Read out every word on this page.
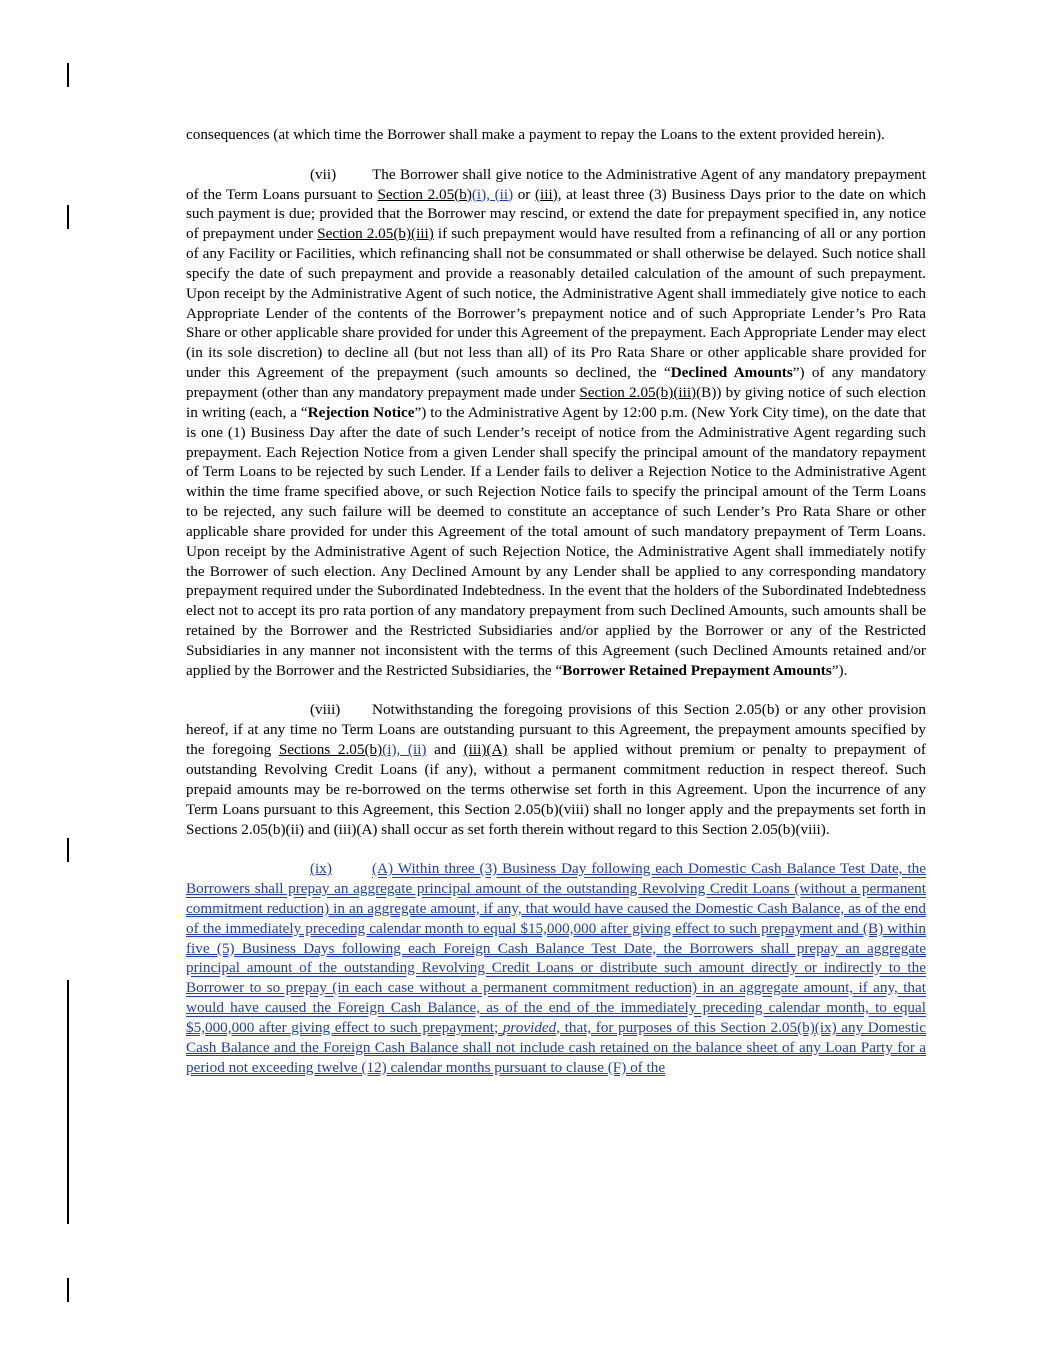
consequences (at which time the Borrower shall make a payment to repay the Loans to the extent provided herein).

(vii) The Borrower shall give notice to the Administrative Agent of any mandatory prepayment of the Term Loans pursuant to Section 2.05(b)(i), (ii) or (iii), at least three (3) Business Days prior to the date on which such payment is due; provided that the Borrower may rescind, or extend the date for prepayment specified in, any notice of prepayment under Section 2.05(b)(iii) if such prepayment would have resulted from a refinancing of all or any portion of any Facility or Facilities, which refinancing shall not be consummated or shall otherwise be delayed. Such notice shall specify the date of such prepayment and provide a reasonably detailed calculation of the amount of such prepayment. Upon receipt by the Administrative Agent of such notice, the Administrative Agent shall immediately give notice to each Appropriate Lender of the contents of the Borrower’s prepayment notice and of such Appropriate Lender’s Pro Rata Share or other applicable share provided for under this Agreement of the prepayment. Each Appropriate Lender may elect (in its sole discretion) to decline all (but not less than all) of its Pro Rata Share or other applicable share provided for under this Agreement of the prepayment (such amounts so declined, the “Declined Amounts”) of any mandatory prepayment (other than any mandatory prepayment made under Section 2.05(b)(iii)(B)) by giving notice of such election in writing (each, a “Rejection Notice”) to the Administrative Agent by 12:00 p.m. (New York City time), on the date that is one (1) Business Day after the date of such Lender’s receipt of notice from the Administrative Agent regarding such prepayment. Each Rejection Notice from a given Lender shall specify the principal amount of the mandatory repayment of Term Loans to be rejected by such Lender. If a Lender fails to deliver a Rejection Notice to the Administrative Agent within the time frame specified above, or such Rejection Notice fails to specify the principal amount of the Term Loans to be rejected, any such failure will be deemed to constitute an acceptance of such Lender’s Pro Rata Share or other applicable share provided for under this Agreement of the total amount of such mandatory prepayment of Term Loans. Upon receipt by the Administrative Agent of such Rejection Notice, the Administrative Agent shall immediately notify the Borrower of such election. Any Declined Amount by any Lender shall be applied to any corresponding mandatory prepayment required under the Subordinated Indebtedness. In the event that the holders of the Subordinated Indebtedness elect not to accept its pro rata portion of any mandatory prepayment from such Declined Amounts, such amounts shall be retained by the Borrower and the Restricted Subsidiaries and/or applied by the Borrower or any of the Restricted Subsidiaries in any manner not inconsistent with the terms of this Agreement (such Declined Amounts retained and/or applied by the Borrower and the Restricted Subsidiaries, the “Borrower Retained Prepayment Amounts”).

(viii) Notwithstanding the foregoing provisions of this Section 2.05(b) or any other provision hereof, if at any time no Term Loans are outstanding pursuant to this Agreement, the prepayment amounts specified by the foregoing Sections 2.05(b)(i), (ii) and (iii)(A) shall be applied without premium or penalty to prepayment of outstanding Revolving Credit Loans (if any), without a permanent commitment reduction in respect thereof. Such prepaid amounts may be re-borrowed on the terms otherwise set forth in this Agreement. Upon the incurrence of any Term Loans pursuant to this Agreement, this Section 2.05(b)(viii) shall no longer apply and the prepayments set forth in Sections 2.05(b)(ii) and (iii)(A) shall occur as set forth therein without regard to this Section 2.05(b)(viii).

(ix)	(A) Within three (3) Business Day following each Domestic Cash Balance Test Date, the Borrowers shall prepay an aggregate principal amount of the outstanding Revolving Credit Loans (without a permanent commitment reduction) in an aggregate amount, if any, that would have caused the Domestic Cash Balance, as of the end of the immediately preceding calendar month to equal $15,000,000 after giving effect to such prepayment and (B) within five (5) Business Days following each Foreign Cash Balance Test Date, the Borrowers shall prepay an aggregate principal amount of the outstanding Revolving Credit Loans or distribute such amount directly or indirectly to the Borrower to so prepay (in each case without a permanent commitment reduction) in an aggregate amount, if any, that would have caused the Foreign Cash Balance, as of the end of the immediately preceding calendar month, to equal $5,000,000 after giving effect to such prepayment; provided, that, for purposes of this Section 2.05(b)(ix) any Domestic Cash Balance and the Foreign Cash Balance shall not include cash retained on the balance sheet of any Loan Party for a period not exceeding twelve (12) calendar months pursuant to clause (F) of the
